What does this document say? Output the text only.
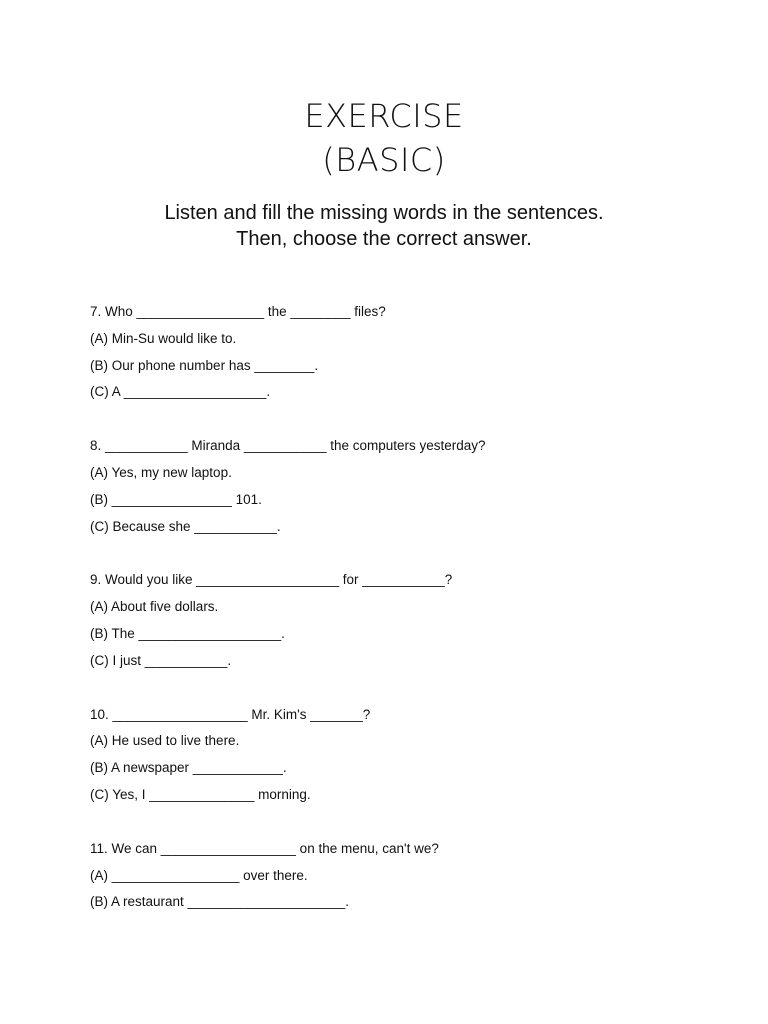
EXERCISE
(BASIC)
Listen and fill the missing words in the sentences.
Then, choose the correct answer.
7. Who _________________ the ________ files?
(A) Min-Su would like to.
(B) Our phone number has ________.
(C) A ___________________.
8. ___________ Miranda ___________ the computers yesterday?
(A) Yes, my new laptop.
(B) ________________ 101.
(C) Because she ___________.
9. Would you like ___________________ for ___________?
(A) About five dollars.
(B) The ___________________.
(C) I just ___________.
10. __________________ Mr. Kim's _______?
(A) He used to live there.
(B) A newspaper ____________.
(C) Yes, I ______________ morning.
11. We can __________________ on the menu, can't we?
(A) _________________ over there.
(B) A restaurant _____________________.
